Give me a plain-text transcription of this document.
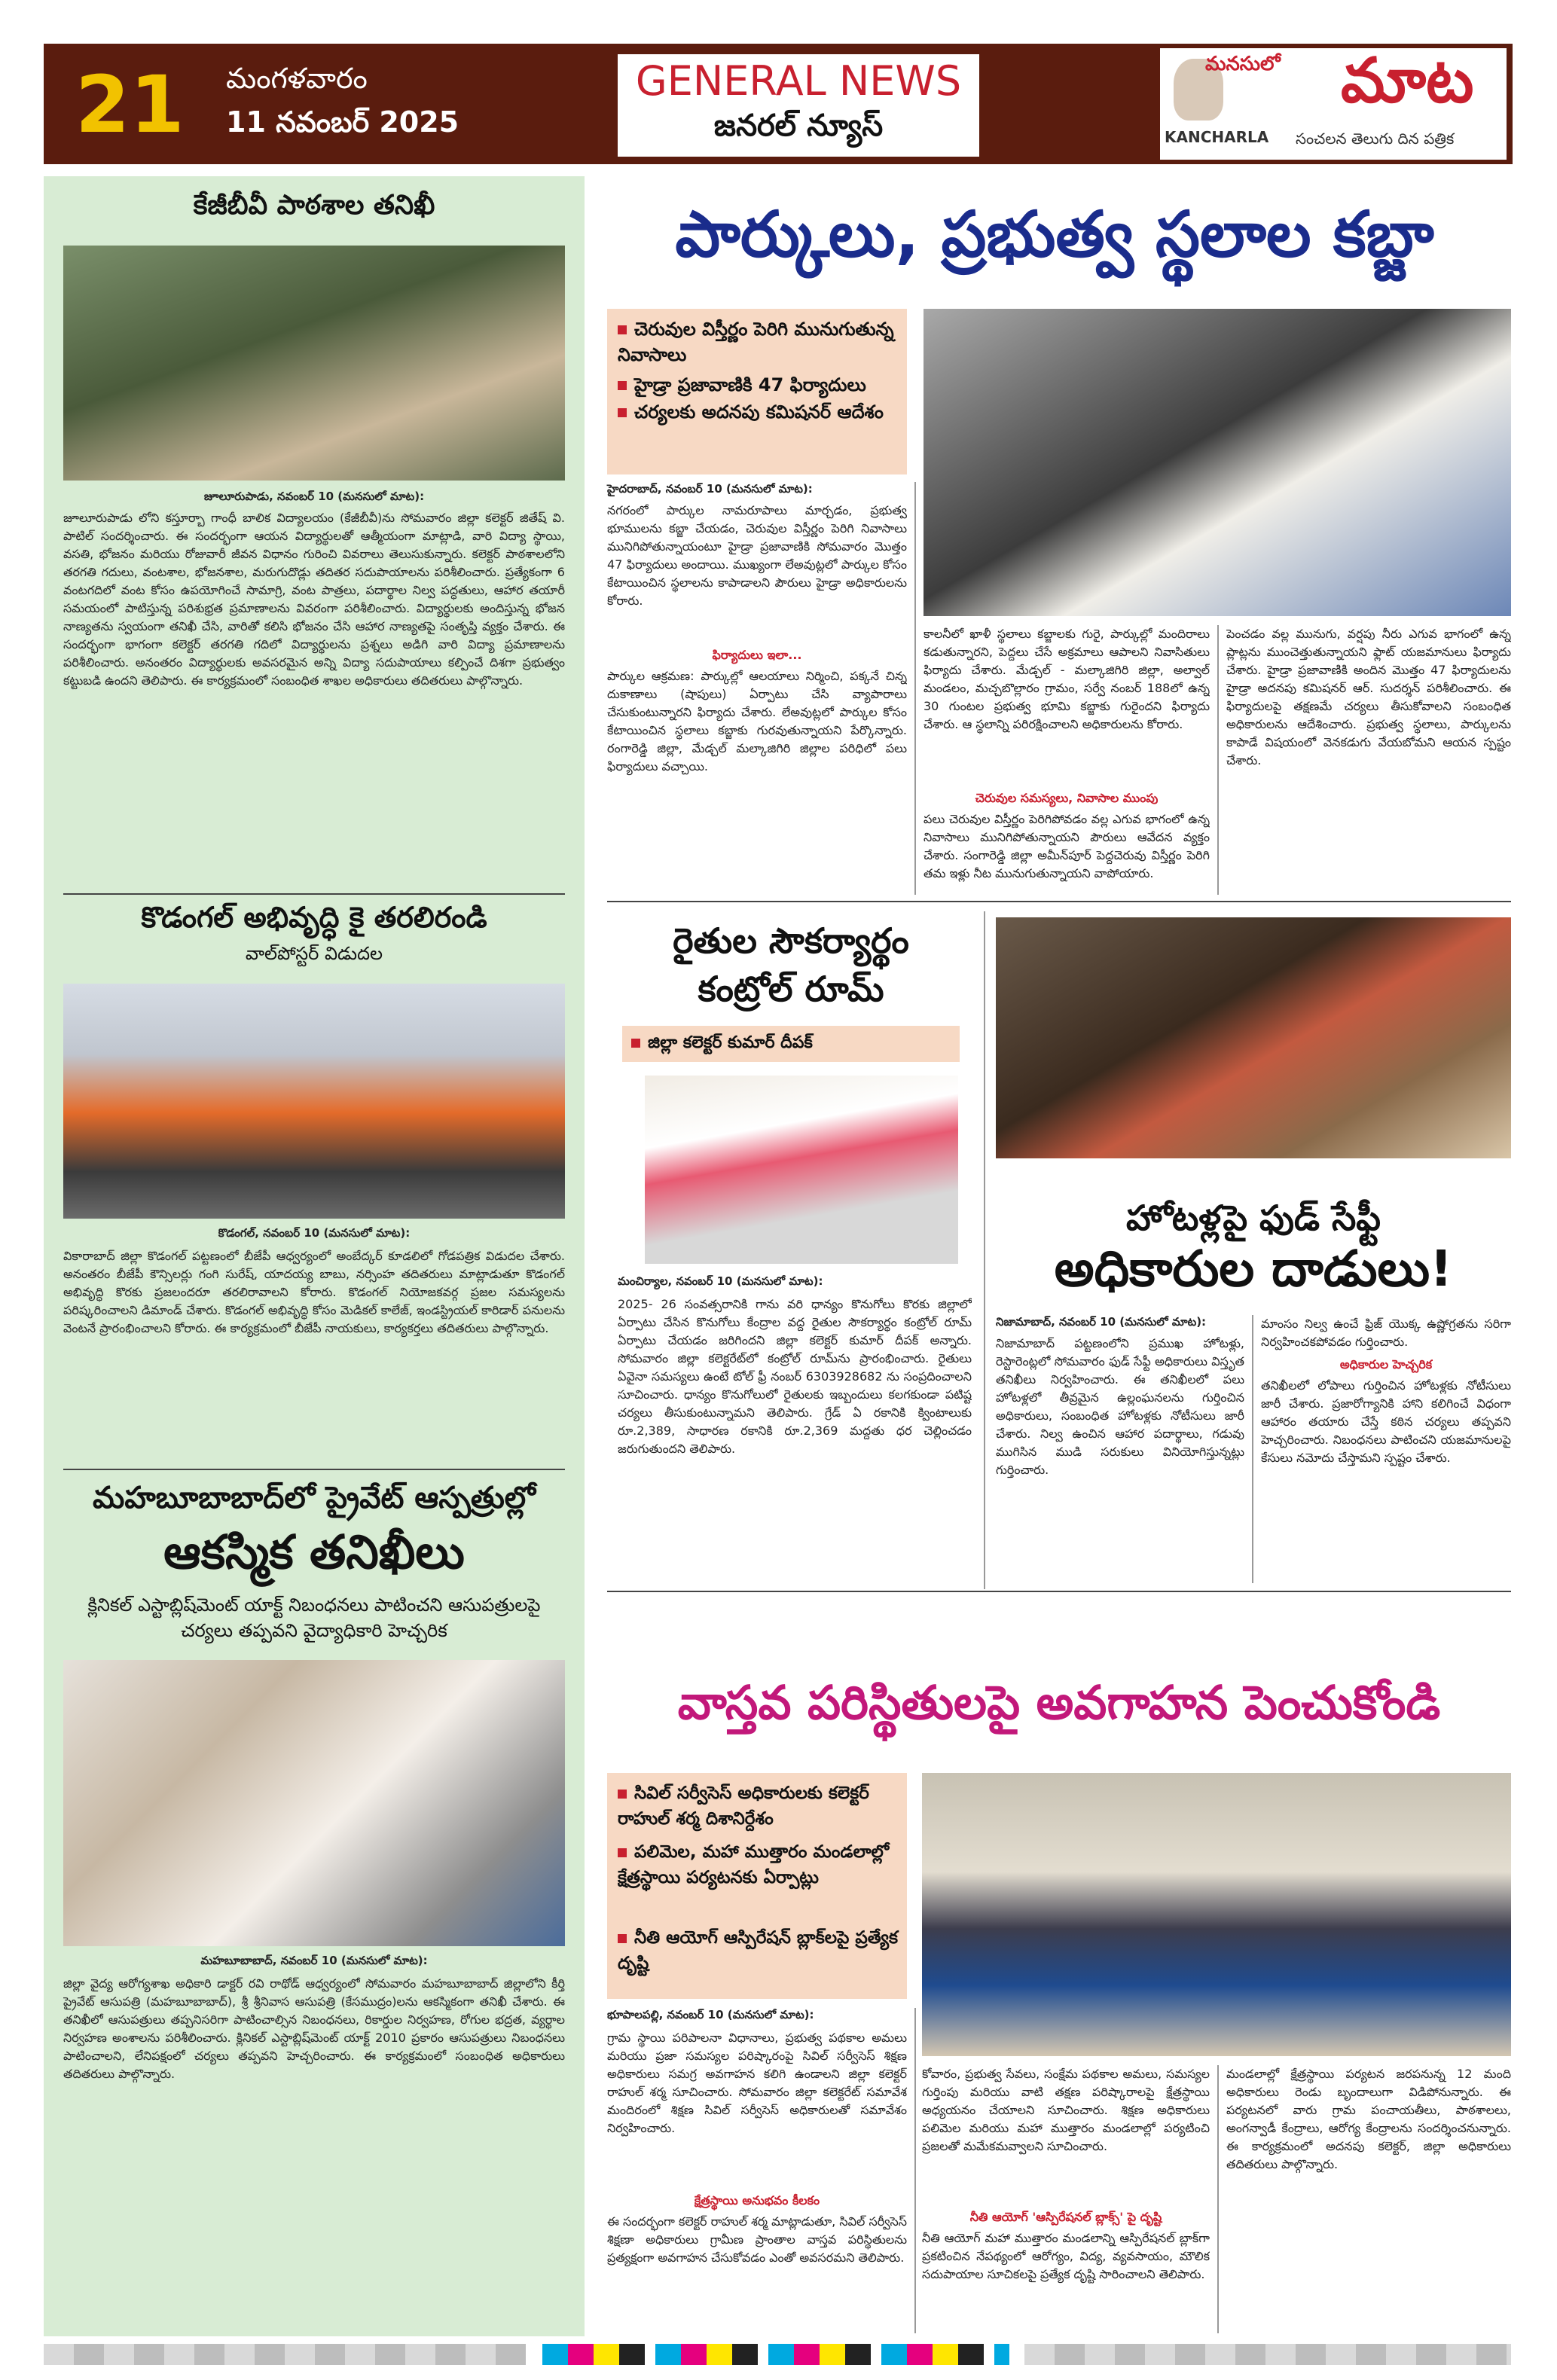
21 మంగళవారం
11 నవంబర్ 2025
GENERAL NEWS
జనరల్ న్యూస్
మనసులో మాట
KANCHARLA సంచలన తెలుగు దిన పత్రిక
కేజీబీవీ పాఠశాల తనిఖీ
జూలూరుపాడు, నవంబర్ 10 (మనసులో మాట):
జూలూరుపాడు లోని కస్తూర్బా గాంధీ బాలిక విద్యాలయం (కేజీబీవీ)ను సోమవారం జిల్లా కలెక్టర్ జితేష్ వి. పాటిల్ సందర్శించారు. ఈ సందర్భంగా ఆయన విద్యార్థులతో ఆత్మీయంగా మాట్లాడి, వారి విద్యా స్థాయి, వసతి, భోజనం మరియు రోజువారీ జీవన విధానం గురించి వివరాలు తెలుసుకున్నారు. కలెక్టర్ పాఠశాలలోని తరగతి గదులు, వంటశాల, భోజనశాల, మరుగుదొడ్లు తదితర సదుపాయాలను పరిశీలించారు. ప్రత్యేకంగా 6 వంటగదిలో వంట కోసం ఉపయోగించే సామాగ్రి, వంట పాత్రలు, పదార్థాల నిల్వ పద్ధతులు, ఆహార తయారీ సమయంలో పాటిస్తున్న పరిశుభ్రత ప్రమాణాలను వివరంగా పరిశీలించారు. విద్యార్థులకు అందిస్తున్న భోజన నాణ్యతను స్వయంగా తనిఖీ చేసి, వారితో కలిసి భోజనం చేసి ఆహార నాణ్యతపై సంతృప్తి వ్యక్తం చేశారు. ఈ సందర్భంగా భాగంగా కలెక్టర్ తరగతి గదిలో విద్యార్థులను ప్రశ్నలు అడిగి వారి విద్యా ప్రమాణాలను పరిశీలించారు. అనంతరం విద్యార్థులకు అవసరమైన అన్ని విద్యా సదుపాయాలు కల్పించే దిశగా ప్రభుత్వం కట్టుబడి ఉందని తెలిపారు. ఈ కార్యక్రమంలో సంబంధిత శాఖల అధికారులు తదితరులు పాల్గొన్నారు.
కొడంగల్ అభివృద్ధి కై తరలిరండి
వాల్‌పోస్టర్ విడుదల
కొడంగల్, నవంబర్ 10 (మనసులో మాట):
వికారాబాద్ జిల్లా కొడంగల్ పట్టణంలో బీజేపీ ఆధ్వర్యంలో అంబేద్కర్ కూడలిలో గోడపత్రిక విడుదల చేశారు. అనంతరం బీజేపీ కౌన్సిలర్లు గంగి సురేష్, యాదయ్య బాబు, నర్సింహ తదితరులు మాట్లాడుతూ కొడంగల్ అభివృద్ధి కొరకు ప్రజలందరూ తరలిరావాలని కోరారు. కొడంగల్ నియోజకవర్గ ప్రజల సమస్యలను పరిష్కరించాలని డిమాండ్ చేశారు. కొడంగల్ అభివృద్ధి కోసం మెడికల్ కాలేజ్, ఇండస్ట్రియల్ కారిడార్ పనులను వెంటనే ప్రారంభించాలని కోరారు. ఈ కార్యక్రమంలో బీజేపీ నాయకులు, కార్యకర్తలు తదితరులు పాల్గొన్నారు.
మహబూబాబాద్‌లో ప్రైవేట్ ఆస్పత్రుల్లో
ఆకస్మిక తనిఖీలు
క్లినికల్ ఎస్టాబ్లిష్‌మెంట్ యాక్ట్ నిబంధనలు పాటించని ఆసుపత్రులపై చర్యలు తప్పవని వైద్యాధికారి హెచ్చరిక
మహబూబాబాద్, నవంబర్ 10 (మనసులో మాట):
జిల్లా వైద్య ఆరోగ్యశాఖ అధికారి డాక్టర్ రవి రాథోడ్ ఆధ్వర్యంలో సోమవారం మహబూబాబాద్ జిల్లాలోని కీర్తి ప్రైవేట్ ఆసుపత్రి (మహబూబాబాద్), శ్రీ శ్రీనివాస ఆసుపత్రి (కేసముద్రం)లను ఆకస్మికంగా తనిఖీ చేశారు. ఈ తనిఖీలో ఆసుపత్రులు తప్పనిసరిగా పాటించాల్సిన నిబంధనలు, రికార్డుల నిర్వహణ, రోగుల భద్రత, వ్యర్థాల నిర్వహణ అంశాలను పరిశీలించారు. క్లినికల్ ఎస్టాబ్లిష్‌మెంట్ యాక్ట్ 2010 ప్రకారం ఆసుపత్రులు నిబంధనలు పాటించాలని, లేనిపక్షంలో చర్యలు తప్పవని హెచ్చరించారు. ఈ కార్యక్రమంలో సంబంధిత అధికారులు తదితరులు పాల్గొన్నారు.
పార్కులు, ప్రభుత్వ స్థలాల కబ్జా
చెరువుల విస్తీర్ణం పెరిగి మునుగుతున్న నివాసాలు
హైడ్రా ప్రజావాణికి 47 ఫిర్యాదులు
చర్యలకు అదనపు కమిషనర్ ఆదేశం
హైదరాబాద్, నవంబర్ 10 (మనసులో మాట):
నగరంలో పార్కుల నామరూపాలు మార్చడం, ప్రభుత్వ భూములను కబ్జా చేయడం, చెరువుల విస్తీర్ణం పెరిగి నివాసాలు మునిగిపోతున్నాయంటూ హైడ్రా ప్రజావాణికి సోమవారం మొత్తం 47 ఫిర్యాదులు అందాయి. ముఖ్యంగా లేఅవుట్లలో పార్కుల కోసం కేటాయించిన స్థలాలను కాపాడాలని పౌరులు హైడ్రా అధికారులను కోరారు.
ఫిర్యాదులు ఇలా...
పార్కుల ఆక్రమణ: పార్కుల్లో ఆలయాలు నిర్మించి, పక్కనే చిన్న దుకాణాలు (షాపులు) ఏర్పాటు చేసి వ్యాపారాలు చేసుకుంటున్నారని ఫిర్యాదు చేశారు. లేఅవుట్లలో పార్కుల కోసం కేటాయించిన స్థలాలు కబ్జాకు గురవుతున్నాయని పేర్కొన్నారు. రంగారెడ్డి జిల్లా, మేడ్చల్ మల్కాజిగిరి జిల్లాల పరిధిలో పలు ఫిర్యాదులు వచ్చాయి.
కాలనీలో ఖాళీ స్థలాలు కబ్జాలకు గురై, పార్కుల్లో మందిరాలు కడుతున్నారని, పెద్దలు చేసే అక్రమాలు ఆపాలని నివాసితులు ఫిర్యాదు చేశారు. మేడ్చల్ - మల్కాజిగిరి జిల్లా, అల్వాల్ మండలం, మచ్చబొల్లారం గ్రామం, సర్వే నంబర్ 188లో ఉన్న 30 గుంటల ప్రభుత్వ భూమి కబ్జాకు గురైందని ఫిర్యాదు చేశారు. ఆ స్థలాన్ని పరిరక్షించాలని అధికారులను కోరారు.
చెరువుల సమస్యలు, నివాసాల ముంపు
పలు చెరువుల విస్తీర్ణం పెరిగిపోవడం వల్ల ఎగువ భాగంలో ఉన్న నివాసాలు మునిగిపోతున్నాయని పౌరులు ఆవేదన వ్యక్తం చేశారు. సంగారెడ్డి జిల్లా అమీన్‌పూర్ పెద్దచెరువు విస్తీర్ణం పెరిగి తమ ఇళ్లు నీట మునుగుతున్నాయని వాపోయారు.
పెంచడం వల్ల మునుగు, వర్షపు నీరు ఎగువ భాగంలో ఉన్న ప్లాట్లను ముంచెత్తుతున్నాయని ఫ్లాట్ యజమానులు ఫిర్యాదు చేశారు. హైడ్రా ప్రజావాణికి అందిన మొత్తం 47 ఫిర్యాదులను హైడ్రా అదనపు కమిషనర్ ఆర్. సుదర్శన్ పరిశీలించారు. ఈ ఫిర్యాదులపై తక్షణమే చర్యలు తీసుకోవాలని సంబంధిత అధికారులను ఆదేశించారు. ప్రభుత్వ స్థలాలు, పార్కులను కాపాడే విషయంలో వెనకడుగు వేయబోమని ఆయన స్పష్టం చేశారు.
రైతుల సౌకర్యార్థం
కంట్రోల్ రూమ్
జిల్లా కలెక్టర్ కుమార్ దీపక్
మంచిర్యాల, నవంబర్ 10 (మనసులో మాట):
2025- 26 సంవత్సరానికి గాను వరి ధాన్యం కొనుగోలు కొరకు జిల్లాలో ఏర్పాటు చేసిన కొనుగోలు కేంద్రాల వద్ద రైతుల సౌకర్యార్థం కంట్రోల్ రూమ్ ఏర్పాటు చేయడం జరిగిందని జిల్లా కలెక్టర్ కుమార్ దీపక్ అన్నారు. సోమవారం జిల్లా కలెక్టరేట్‌లో కంట్రోల్ రూమ్‌ను ప్రారంభించారు. రైతులు ఏవైనా సమస్యలు ఉంటే టోల్ ఫ్రీ నంబర్ 6303928682 ను సంప్రదించాలని సూచించారు. ధాన్యం కొనుగోలులో రైతులకు ఇబ్బందులు కలగకుండా పటిష్ట చర్యలు తీసుకుంటున్నామని తెలిపారు. గ్రేడ్ ఏ రకానికి క్వింటాలుకు రూ.2,389, సాధారణ రకానికి రూ.2,369 మద్దతు ధర చెల్లించడం జరుగుతుందని తెలిపారు.
హోటళ్లపై ఫుడ్ సేఫ్టీ
అధికారుల దాడులు!
నిజామాబాద్, నవంబర్ 10 (మనసులో మాట):
నిజామాబాద్ పట్టణంలోని ప్రముఖ హోటళ్లు, రెస్టారెంట్లలో సోమవారం ఫుడ్ సేఫ్టీ అధికారులు విస్తృత తనిఖీలు నిర్వహించారు. ఈ తనిఖీలలో పలు హోటళ్లలో తీవ్రమైన ఉల్లంఘనలను గుర్తించిన అధికారులు, సంబంధిత హోటళ్లకు నోటీసులు జారీ చేశారు. నిల్వ ఉంచిన ఆహార పదార్థాలు, గడువు ముగిసిన ముడి సరుకులు వినియోగిస్తున్నట్లు గుర్తించారు.
మాంసం నిల్వ ఉంచే ఫ్రిజ్ యొక్క ఉష్ణోగ్రతను సరిగా నిర్వహించకపోవడం గుర్తించారు.
అధికారుల హెచ్చరిక
తనిఖీలలో లోపాలు గుర్తించిన హోటళ్లకు నోటీసులు జారీ చేశారు. ప్రజారోగ్యానికి హాని కలిగించే విధంగా ఆహారం తయారు చేస్తే కఠిన చర్యలు తప్పవని హెచ్చరించారు. నిబంధనలు పాటించని యజమానులపై కేసులు నమోదు చేస్తామని స్పష్టం చేశారు.
వాస్తవ పరిస్థితులపై అవగాహన పెంచుకోండి
సివిల్ సర్వీసెస్ అధికారులకు కలెక్టర్ రాహుల్ శర్మ దిశానిర్దేశం
పలిమెల, మహా ముత్తారం మండలాల్లో క్షేత్రస్థాయి పర్యటనకు ఏర్పాట్లు
నీతి ఆయోగ్ ఆస్పిరేషన్ బ్లాక్‌లపై ప్రత్యేక దృష్టి
భూపాలపల్లి, నవంబర్ 10 (మనసులో మాట):
గ్రామ స్థాయి పరిపాలనా విధానాలు, ప్రభుత్వ పథకాల అమలు మరియు ప్రజా సమస్యల పరిష్కారంపై సివిల్ సర్వీసెస్ శిక్షణ అధికారులు సమగ్ర అవగాహన కలిగి ఉండాలని జిల్లా కలెక్టర్ రాహుల్ శర్మ సూచించారు. సోమవారం జిల్లా కలెక్టరేట్ సమావేశ మందిరంలో శిక్షణ సివిల్ సర్వీసెస్ అధికారులతో సమావేశం నిర్వహించారు.
క్షేత్రస్థాయి అనుభవం కీలకం
ఈ సందర్భంగా కలెక్టర్ రాహుల్ శర్మ మాట్లాడుతూ, సివిల్ సర్వీసెస్ శిక్షణా అధికారులు గ్రామీణ ప్రాంతాల వాస్తవ పరిస్థితులను ప్రత్యక్షంగా అవగాహన చేసుకోవడం ఎంతో అవసరమని తెలిపారు.
కోవారం, ప్రభుత్వ సేవలు, సంక్షేమ పథకాల అమలు, సమస్యల గుర్తింపు మరియు వాటి తక్షణ పరిష్కారాలపై క్షేత్రస్థాయి అధ్యయనం చేయాలని సూచించారు. శిక్షణ అధికారులు పలిమెల మరియు మహా ముత్తారం మండలాల్లో పర్యటించి ప్రజలతో మమేకమవ్వాలని సూచించారు.
నీతి ఆయోగ్ 'ఆస్పిరేషనల్ బ్లాక్స్' పై దృష్టి
నీతి ఆయోగ్ మహా ముత్తారం మండలాన్ని ఆస్పిరేషనల్ బ్లాక్‌గా ప్రకటించిన నేపథ్యంలో ఆరోగ్యం, విద్య, వ్యవసాయం, మౌలిక సదుపాయాల సూచికలపై ప్రత్యేక దృష్టి సారించాలని తెలిపారు.
మండలాల్లో క్షేత్రస్థాయి పర్యటన జరపనున్న 12 మంది అధికారులు రెండు బృందాలుగా విడిపోనున్నారు. ఈ పర్యటనలో వారు గ్రామ పంచాయతీలు, పాఠశాలలు, అంగన్వాడీ కేంద్రాలు, ఆరోగ్య కేంద్రాలను సందర్శించనున్నారు. ఈ కార్యక్రమంలో అదనపు కలెక్టర్, జిల్లా అధికారులు తదితరులు పాల్గొన్నారు.
